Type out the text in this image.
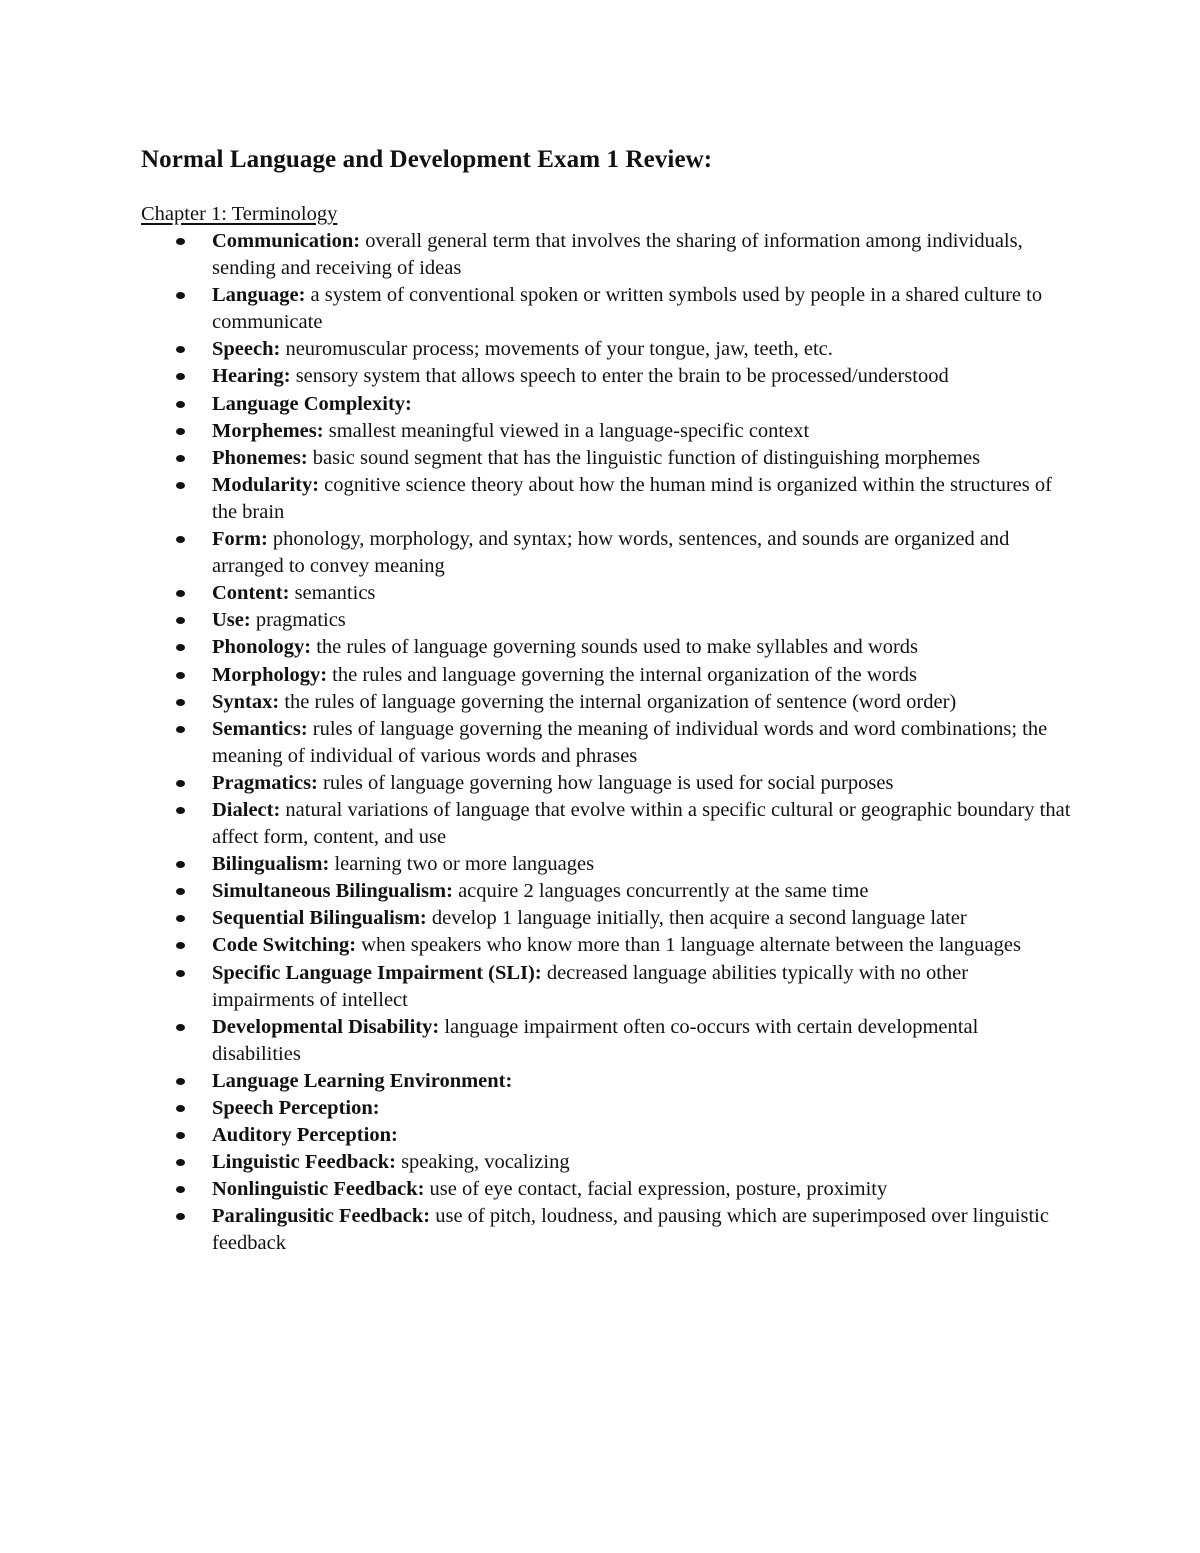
Normal Language and Development Exam 1 Review:
Chapter 1: Terminology
Communication: overall general term that involves the sharing of information among individuals, sending and receiving of ideas
Language: a system of conventional spoken or written symbols used by people in a shared culture to communicate
Speech: neuromuscular process; movements of your tongue, jaw, teeth, etc.
Hearing: sensory system that allows speech to enter the brain to be processed/understood
Language Complexity:
Morphemes: smallest meaningful viewed in a language-specific context
Phonemes: basic sound segment that has the linguistic function of distinguishing morphemes
Modularity: cognitive science theory about how the human mind is organized within the structures of the brain
Form: phonology, morphology, and syntax; how words, sentences, and sounds are organized and arranged to convey meaning
Content: semantics
Use: pragmatics
Phonology: the rules of language governing sounds used to make syllables and words
Morphology: the rules and language governing the internal organization of the words
Syntax: the rules of language governing the internal organization of sentence (word order)
Semantics: rules of language governing the meaning of individual words and word combinations; the meaning of individual of various words and phrases
Pragmatics: rules of language governing how language is used for social purposes
Dialect: natural variations of language that evolve within a specific cultural or geographic boundary that affect form, content, and use
Bilingualism: learning two or more languages
Simultaneous Bilingualism: acquire 2 languages concurrently at the same time
Sequential Bilingualism: develop 1 language initially, then acquire a second language later
Code Switching: when speakers who know more than 1 language alternate between the languages
Specific Language Impairment (SLI): decreased language abilities typically with no other impairments of intellect
Developmental Disability: language impairment often co-occurs with certain developmental disabilities
Language Learning Environment:
Speech Perception:
Auditory Perception:
Linguistic Feedback: speaking, vocalizing
Nonlinguistic Feedback: use of eye contact, facial expression, posture, proximity
Paralingusitic Feedback: use of pitch, loudness, and pausing which are superimposed over linguistic feedback
